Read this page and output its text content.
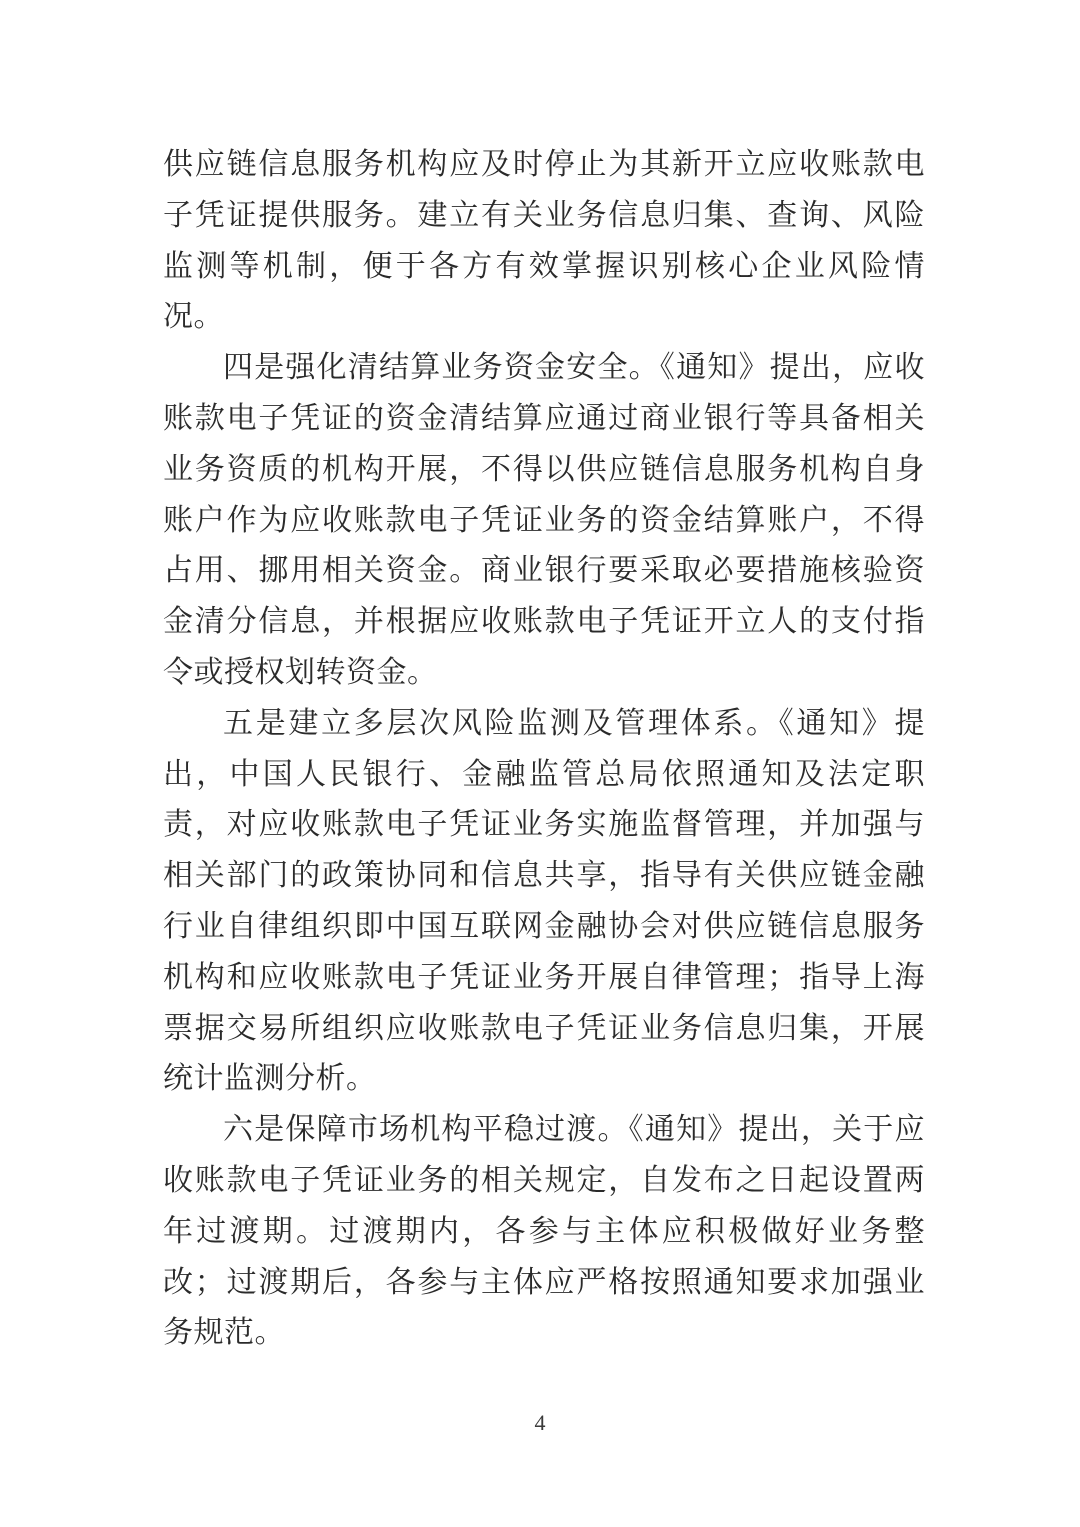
供应链信息服务机构应及时停止为其新开立应收账款电子凭证提供服务。建立有关业务信息归集、查询、风险监测等机制，便于各方有效掌握识别核心企业风险情况。

四是强化清结算业务资金安全。《通知》提出，应收账款电子凭证的资金清结算应通过商业银行等具备相关业务资质的机构开展，不得以供应链信息服务机构自身账户作为应收账款电子凭证业务的资金结算账户，不得占用、挪用相关资金。商业银行要采取必要措施核验资金清分信息，并根据应收账款电子凭证开立人的支付指令或授权划转资金。

五是建立多层次风险监测及管理体系。《通知》提出，中国人民银行、金融监管总局依照通知及法定职责，对应收账款电子凭证业务实施监督管理，并加强与相关部门的政策协同和信息共享，指导有关供应链金融行业自律组织即中国互联网金融协会对供应链信息服务机构和应收账款电子凭证业务开展自律管理；指导上海票据交易所组织应收账款电子凭证业务信息归集，开展统计监测分析。

六是保障市场机构平稳过渡。《通知》提出，关于应收账款电子凭证业务的相关规定，自发布之日起设置两年过渡期。过渡期内，各参与主体应积极做好业务整改；过渡期后，各参与主体应严格按照通知要求加强业务规范。

4
